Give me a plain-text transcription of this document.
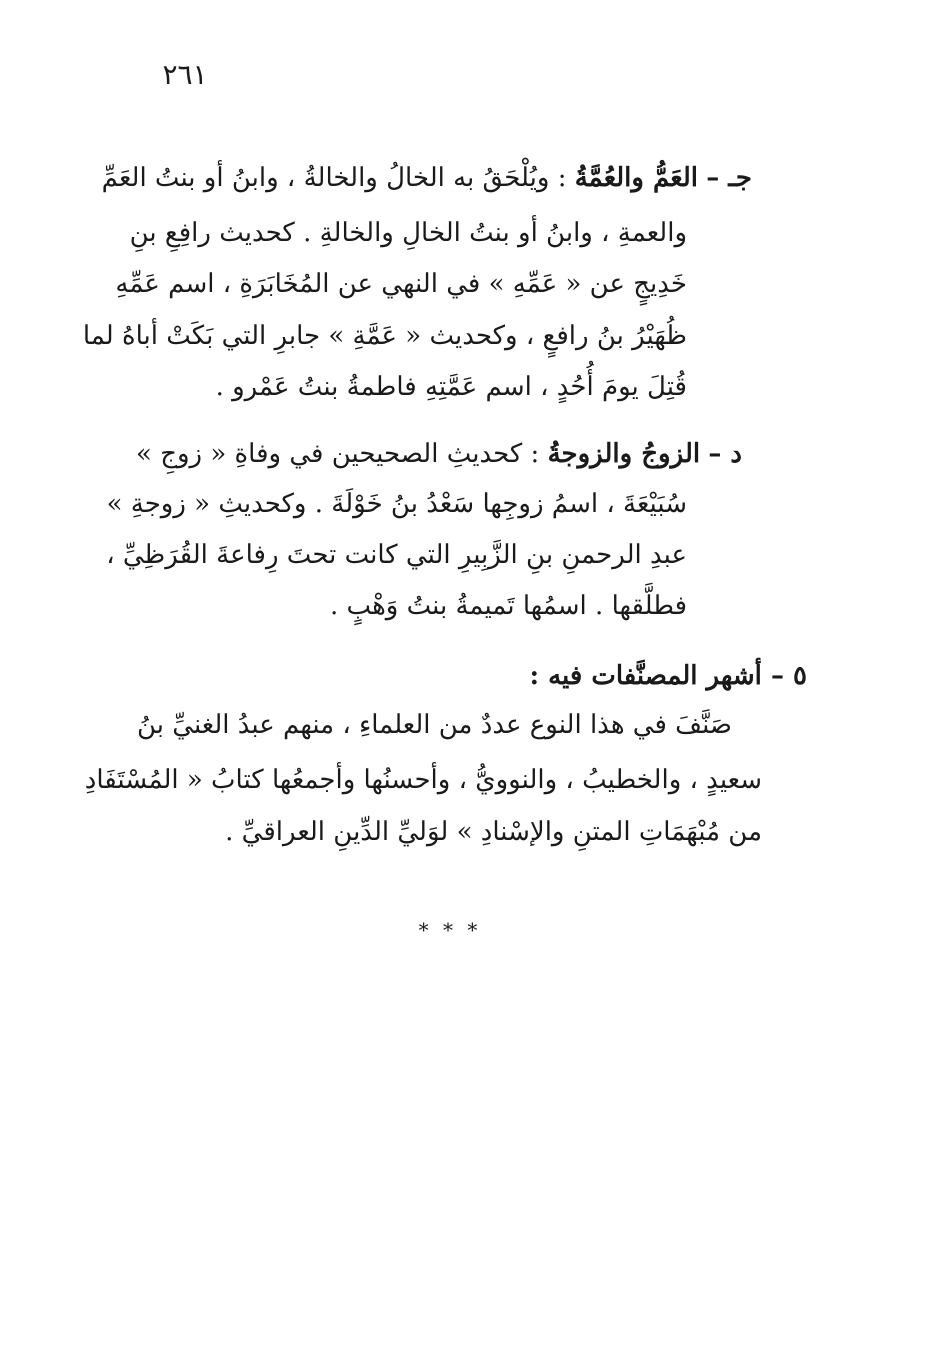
٢٦١
جـ – العَمُّ والعُمَّةُ : ويُلْحَقُ به الخالُ والخالةُ ، وابنُ أو بنتُ العَمِّ
والعمةِ ، وابنُ أو بنتُ الخالِ والخالةِ . كحديث رافِعِ بنِ
خَدِيجٍ عن « عَمِّهِ » في النهي عن المُخَابَرَةِ ، اسم عَمِّهِ
ظُهَيْرُ بنُ رافعٍ ، وكحديث « عَمَّةِ » جابرِ التي بَكَتْ أباهُ لما
قُتِلَ يومَ أُحُدٍ ، اسم عَمَّتِهِ فاطمةُ بنتُ عَمْرو .
د – الزوجُ والزوجةُ : كحديثِ الصحيحين في وفاةِ « زوجِ »
سُبَيْعَةَ ، اسمُ زوجِها سَعْدُ بنُ خَوْلَةَ . وكحديثِ « زوجةِ »
عبدِ الرحمنِ بنِ الزَّبِيرِ التي كانت تحتَ رِفاعةَ القُرَظِيِّ ،
فطلَّقها . اسمُها تَميمةُ بنتُ وَهْبٍ .
٥ – أشهر المصنَّفات فيه :
صَنَّفَ في هذا النوع عددٌ من العلماءِ ، منهم عبدُ الغنيِّ بنُ
سعيدٍ ، والخطيبُ ، والنوويُّ ، وأحسنُها وأجمعُها كتابُ « المُسْتَفَادِ
من مُبْهَمَاتِ المتنِ والإسْنادِ » لوَليِّ الدِّينِ العراقيِّ .
* * *
